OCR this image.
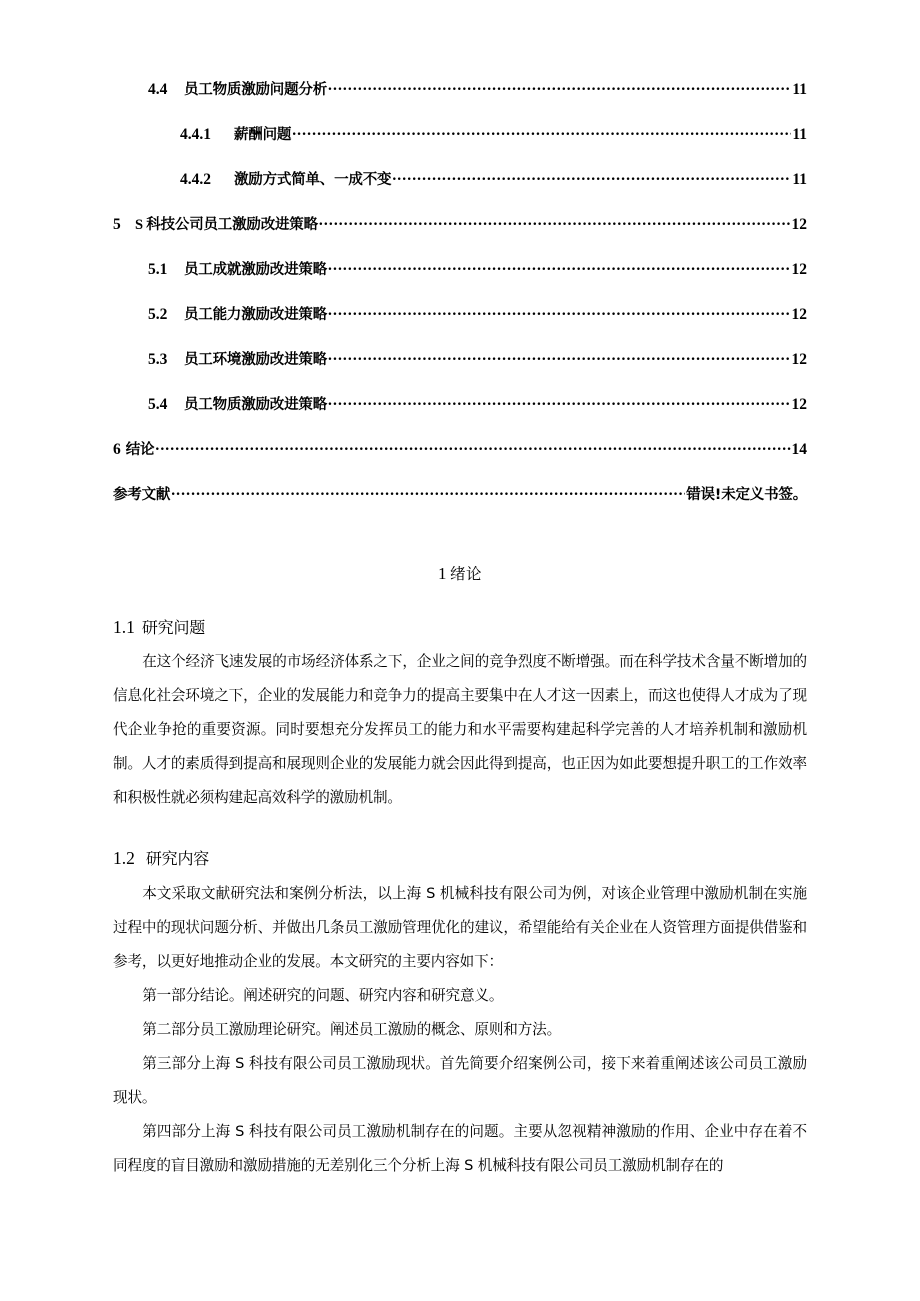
4.4	员工物质激励问题分析 .....	11
4.4.1	薪酬问题 .....	11
4.4.2	激励方式简单、一成不变 .....	11
5 S 科技公司员工激励改进策略 .....	12
5.1	员工成就激励改进策略 .....	12
5.2	员工能力激励改进策略 .....	12
5.3	员工环境激励改进策略 .....	12
5.4	员工物质激励改进策略 .....	12
6 结论 .....	14
参考文献 .....	错误!未定义书签。
1 绪论
1.1 研究问题

在这个经济飞速发展的市场经济体系之下，企业之间的竞争烈度不断增强。而在科学技术含量不断增加的信息化社会环境之下，企业的发展能力和竞争力的提高主要集中在人才这一因素上，而这也使得人才成为了现代企业争抢的重要资源。同时要想充分发挥员工的能力和水平需要构建起科学完善的人才培养机制和激励机制。人才的素质得到提高和展现则企业的发展能力就会因此得到提高，也正因为如此要想提升职工的工作效率和积极性就必须构建起高效科学的激励机制。

1.2 研究内容

本文采取文献研究法和案例分析法，以上海 S 机械科技有限公司为例，对该企业管理中激励机制在实施过程中的现状问题分析、并做出几条员工激励管理优化的建议，希望能给有关企业在人资管理方面提供借鉴和参考，以更好地推动企业的发展。本文研究的主要内容如下：

第一部分结论。阐述研究的问题、研究内容和研究意义。

第二部分员工激励理论研究。阐述员工激励的概念、原则和方法。

第三部分上海 S 科技有限公司员工激励现状。首先简要介绍案例公司，接下来着重阐述该公司员工激励现状。

第四部分上海 S 科技有限公司员工激励机制存在的问题。主要从忽视精神激励的作用、企业中存在着不同程度的盲目激励和激励措施的无差别化三个分析上海 S 机械科技有限公司员工激励机制存在的
